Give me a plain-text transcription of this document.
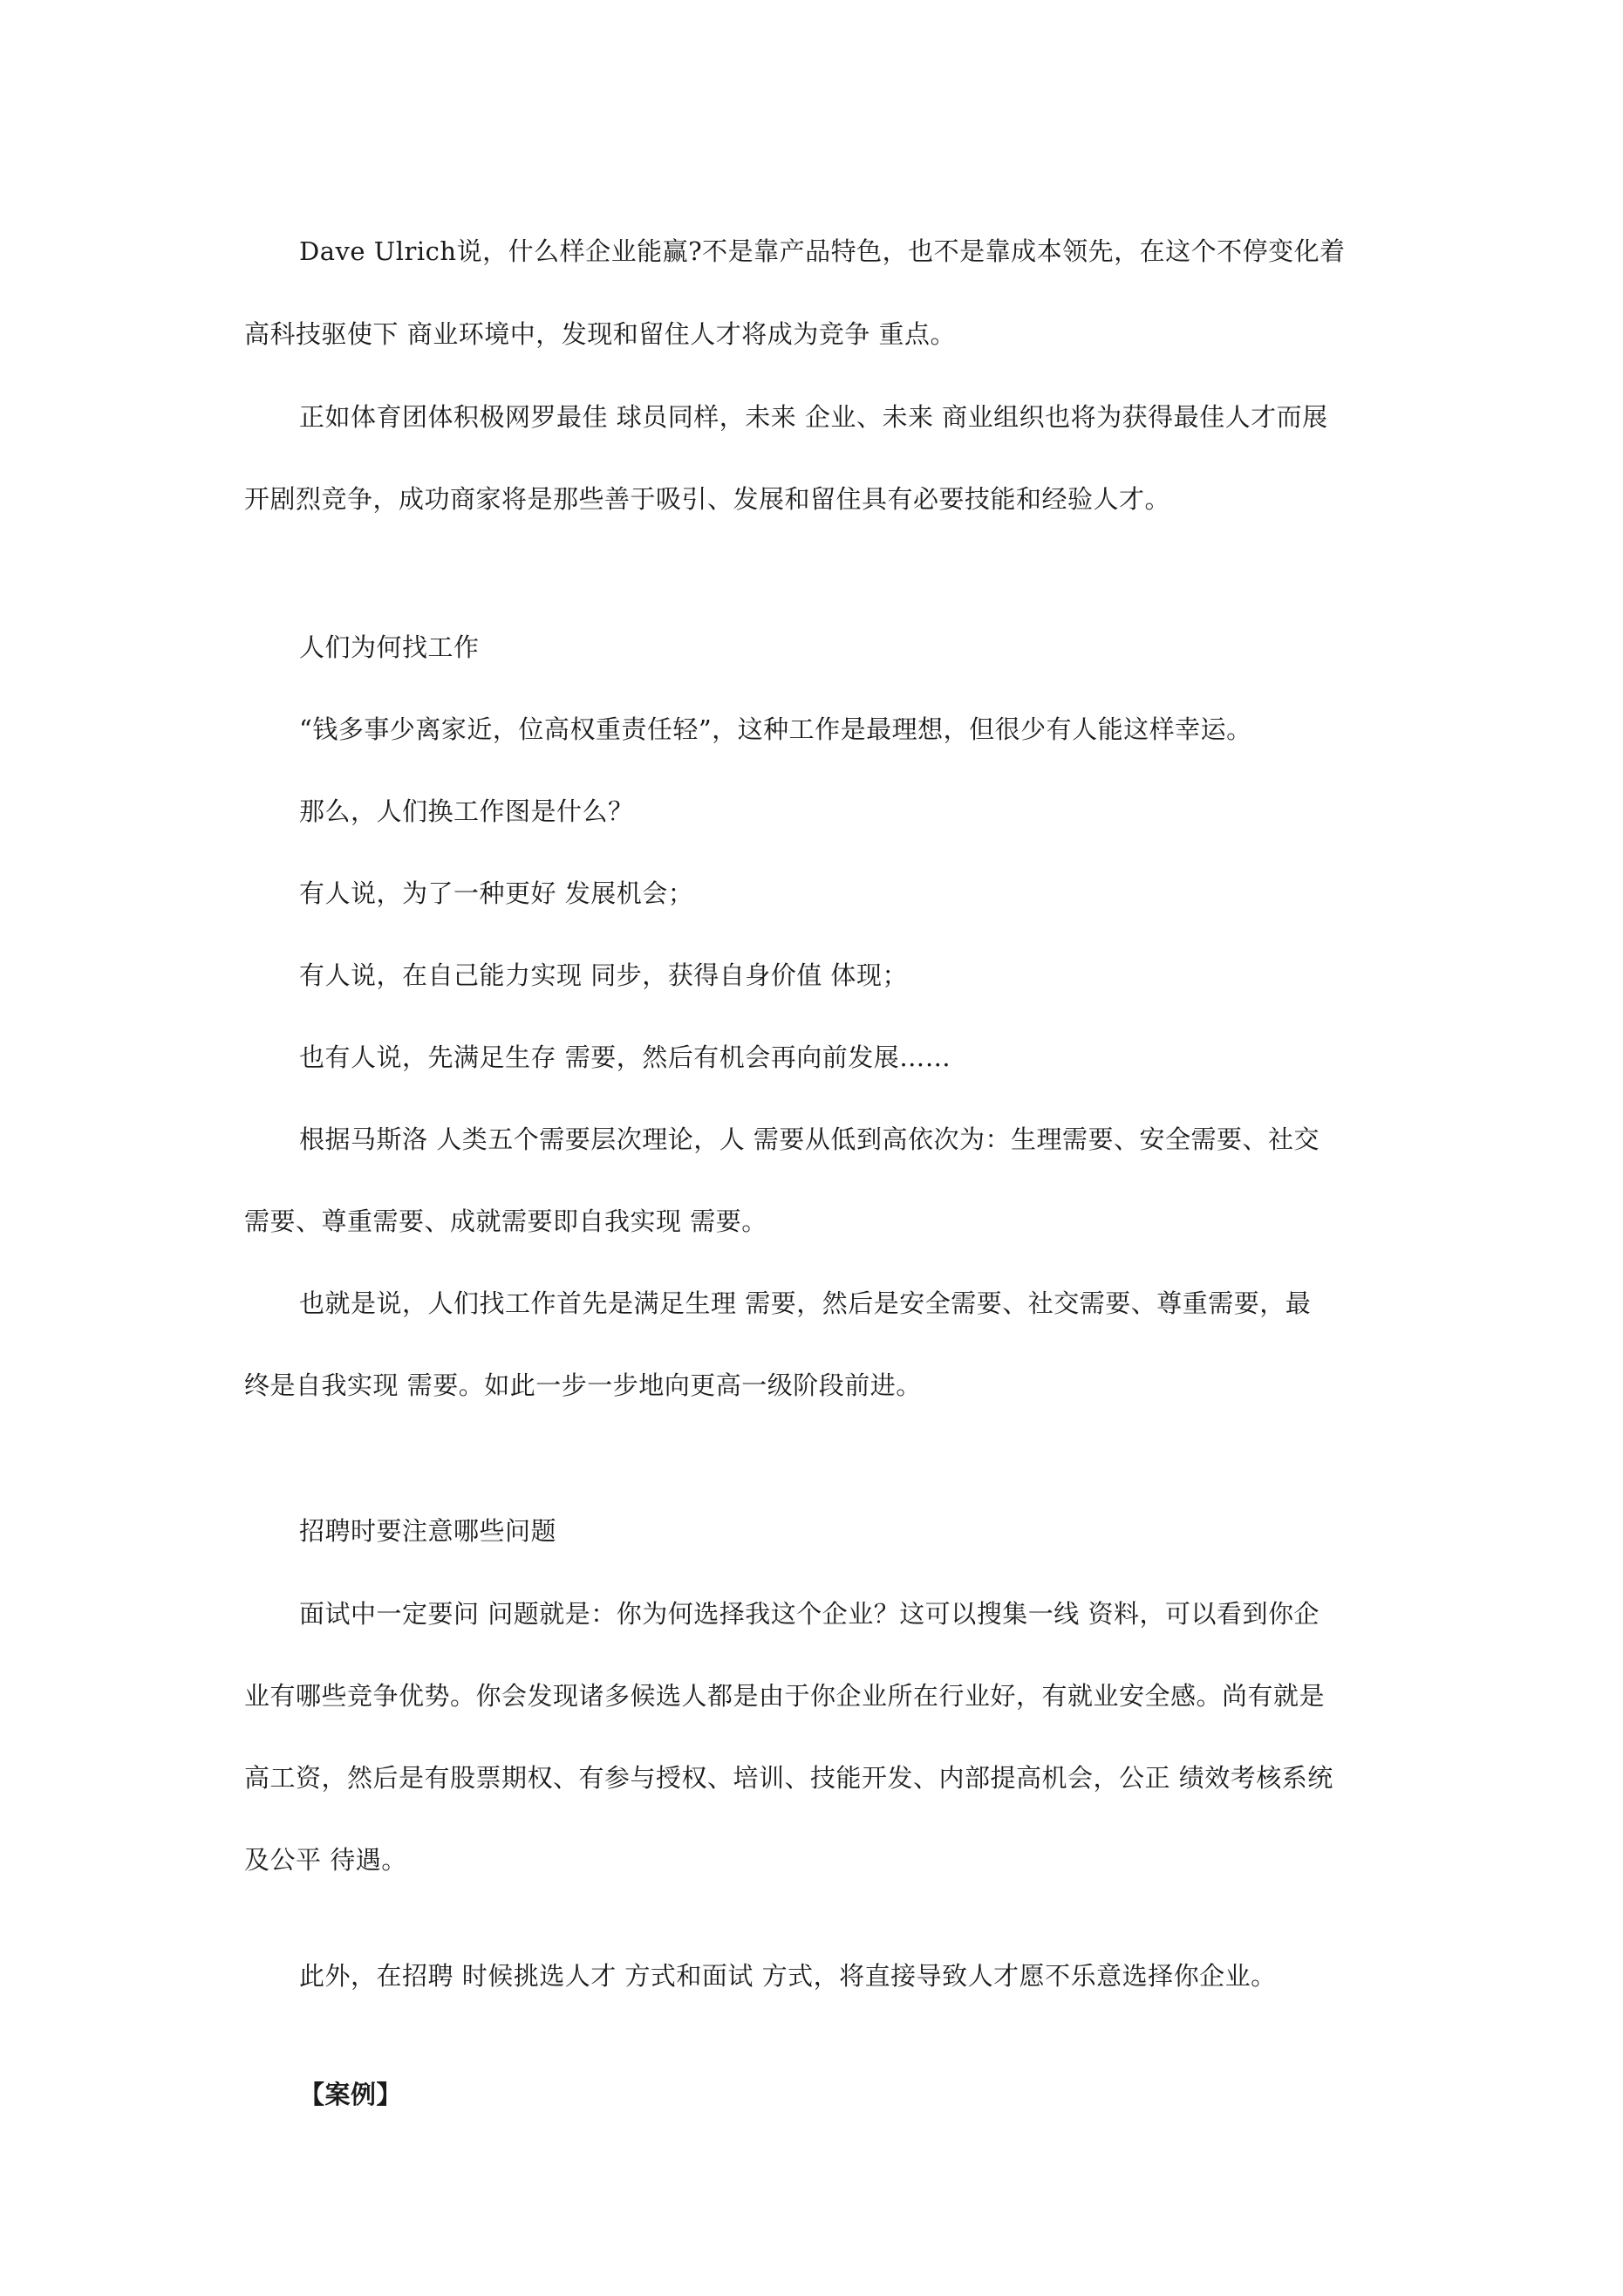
Dave Ulrich说，什么样企业能赢?不是靠产品特色，也不是靠成本领先，在这个不停变化着
高科技驱使下 商业环境中，发现和留住人才将成为竞争 重点。
正如体育团体积极网罗最佳 球员同样，未来 企业、未来 商业组织也将为获得最佳人才而展
开剧烈竞争，成功商家将是那些善于吸引、发展和留住具有必要技能和经验人才。
人们为何找工作
“钱多事少离家近，位高权重责任轻”，这种工作是最理想，但很少有人能这样幸运。
那么，人们换工作图是什么？
有人说，为了一种更好 发展机会；
有人说，在自己能力实现 同步，获得自身价值 体现；
也有人说，先满足生存 需要，然后有机会再向前发展……
根据马斯洛 人类五个需要层次理论，人 需要从低到高依次为：生理需要、安全需要、社交
需要、尊重需要、成就需要即自我实现 需要。
也就是说，人们找工作首先是满足生理 需要，然后是安全需要、社交需要、尊重需要，最
终是自我实现 需要。如此一步一步地向更高一级阶段前进。
招聘时要注意哪些问题
面试中一定要问 问题就是：你为何选择我这个企业？这可以搜集一线 资料，可以看到你企
业有哪些竞争优势。你会发现诸多候选人都是由于你企业所在行业好，有就业安全感。尚有就是
高工资，然后是有股票期权、有参与授权、培训、技能开发、内部提高机会，公正 绩效考核系统
及公平 待遇。
此外，在招聘 时候挑选人才 方式和面试 方式，将直接导致人才愿不乐意选择你企业。
【案例】
